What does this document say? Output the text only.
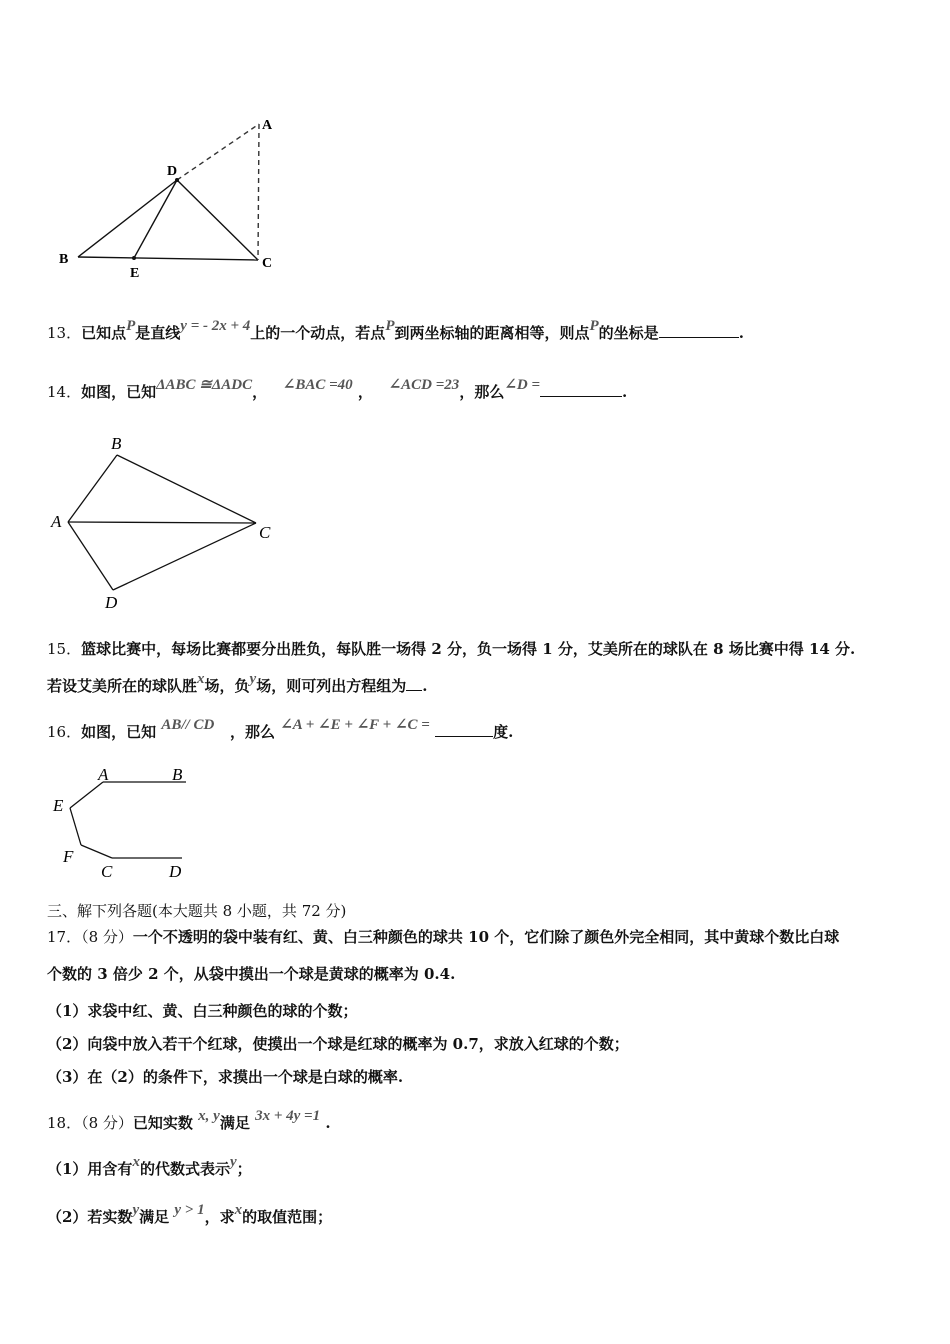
A
D
B
E
C
13．已知点P是直线y = - 2x + 4上的一个动点，若点P到两坐标轴的距离相等，则点P的坐标是	.
14．如图，已知ΔABC ≅ΔADC， ∠BAC =40 ， ∠ACD =23，那么∠D =	.
B
A
C
D
15．篮球比赛中，每场比赛都要分出胜负，每队胜一场得 2 分，负一场得 1 分，艾美所在的球队在 8 场比赛中得 14 分.
若设艾美所在的球队胜x场，负y场，则可列出方程组为 .
16．如图，已知 AB// CD ，那么 ∠A + ∠E + ∠F + ∠C =	度.
A	B
E
F
C	D
三、解下列各题(本大题共 8 小题，共 72 分)
17．（8 分）一个不透明的袋中装有红、黄、白三种颜色的球共 10 个，它们除了颜色外完全相同，其中黄球个数比白球
个数的 3 倍少 2 个，从袋中摸出一个球是黄球的概率为 0.4.
（1）求袋中红、黄、白三种颜色的球的个数；
（2）向袋中放入若干个红球，使摸出一个球是红球的概率为 0.7，求放入红球的个数；
（3）在（2）的条件下，求摸出一个球是白球的概率.
18．（8 分）已知实数 x, y满足 3x + 4y =1 .
（1）用含有x的代数式表示y；
（2）若实数y满足 y > 1，求x的取值范围；
